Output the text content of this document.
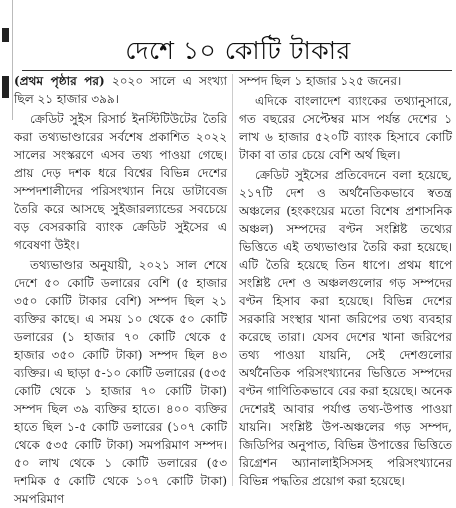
দেশে ১০ কোটি টাকার

(প্রথম পৃষ্ঠার পর) ২০২০ সালে এ সংখ্যা ছিল ২১ হাজার ৩৯৯।

ক্রেডিট সুইস রিসার্চ ইনস্টিটিউটের তৈরি করা তথ্যভাণ্ডারের সর্বশেষ প্রকাশিত ২০২২ সালের সংস্করণে এসব তথ্য পাওয়া গেছে। প্রায় দেড় দশক ধরে বিশ্বের বিভিন্ন দেশের সম্পদশালীদের পরিসংখ্যান নিয়ে ডাটাবেজ তৈরি করে আসছে সুইজারল্যান্ডের সবচেয়ে বড় বেসরকারি ব্যাংক ক্রেডিট সুইসের এ গবেষণা উইং।

তথ্যভাণ্ডার অনুযায়ী, ২০২১ সাল শেষে দেশে ৫০ কোটি ডলারের বেশি (৫ হাজার ৩৫০ কোটি টাকার বেশি) সম্পদ ছিল ২১ ব্যক্তির কাছে। এ সময় ১০ থেকে ৫০ কোটি ডলারের (১ হাজার ৭০ কোটি থেকে ৫ হাজার ৩৫০ কোটি টাকা) সম্পদ ছিল ৪৩ ব্যক্তির। এ ছাড়া ৫-১০ কোটি ডলারের (৫৩৫ কোটি থেকে ১ হাজার ৭০ কোটি টাকা) সম্পদ ছিল ৩৯ ব্যক্তির হাতে। ৪০০ ব্যক্তির হাতে ছিল ১-৫ কোটি ডলারের (১০৭ কোটি থেকে ৫৩৫ কোটি টাকা) সমপরিমাণ সম্পদ। ৫০ লাখ থেকে ১ কোটি ডলারের (৫৩ দশমিক ৫ কোটি থেকে ১০৭ কোটি টাকা) সমপরিমাণ

সম্পদ ছিল ১ হাজার ১২৫ জনের।

এদিকে বাংলাদেশ ব্যাংকের তথ্যানুসারে, গত বছরের সেপ্টেম্বর মাস পর্যন্ত দেশের ১ লাখ ৬ হাজার ৫২০টি ব্যাংক হিসাবে কোটি টাকা বা তার চেয়ে বেশি অর্থ ছিল।

ক্রেডিট সুইসের প্রতিবেদনে বলা হয়েছে, ২১৭টি দেশ ও অর্থনৈতিকভাবে স্বতন্ত্র অঞ্চলের (হংকংয়ের মতো বিশেষ প্রশাসনিক অঞ্চল) সম্পদের বণ্টন সংশ্লিষ্ট তথ্যের ভিত্তিতে এই তথ্যভাণ্ডার তৈরি করা হয়েছে। এটি তৈরি হয়েছে তিন ধাপে। প্রথম ধাপে সংশ্লিষ্ট দেশ ও অঞ্চলগুলোর গড় সম্পদের বণ্টন হিসাব করা হয়েছে। বিভিন্ন দেশের সরকারি সংস্থার খানা জরিপের তথ্য ব্যবহার করেছে তারা। যেসব দেশের খানা জরিপের তথ্য পাওয়া যায়নি, সেই দেশগুলোর অর্থনৈতিক পরিসংখ্যানের ভিত্তিতে সম্পদের বণ্টন গাণিতিকভাবে বের করা হয়েছে। অনেক দেশেরই আবার পর্যাপ্ত তথ্য-উপাত্ত পাওয়া যায়নি। সংশ্লিষ্ট উপ-অঞ্চলের গড় সম্পদ, জিডিপির অনুপাত, বিভিন্ন উপাত্তের ভিত্তিতে রিগ্রেশন অ্যানালাইসিসসহ পরিসংখ্যানের বিভিন্ন পদ্ধতির প্রয়োগ করা হয়েছে।
